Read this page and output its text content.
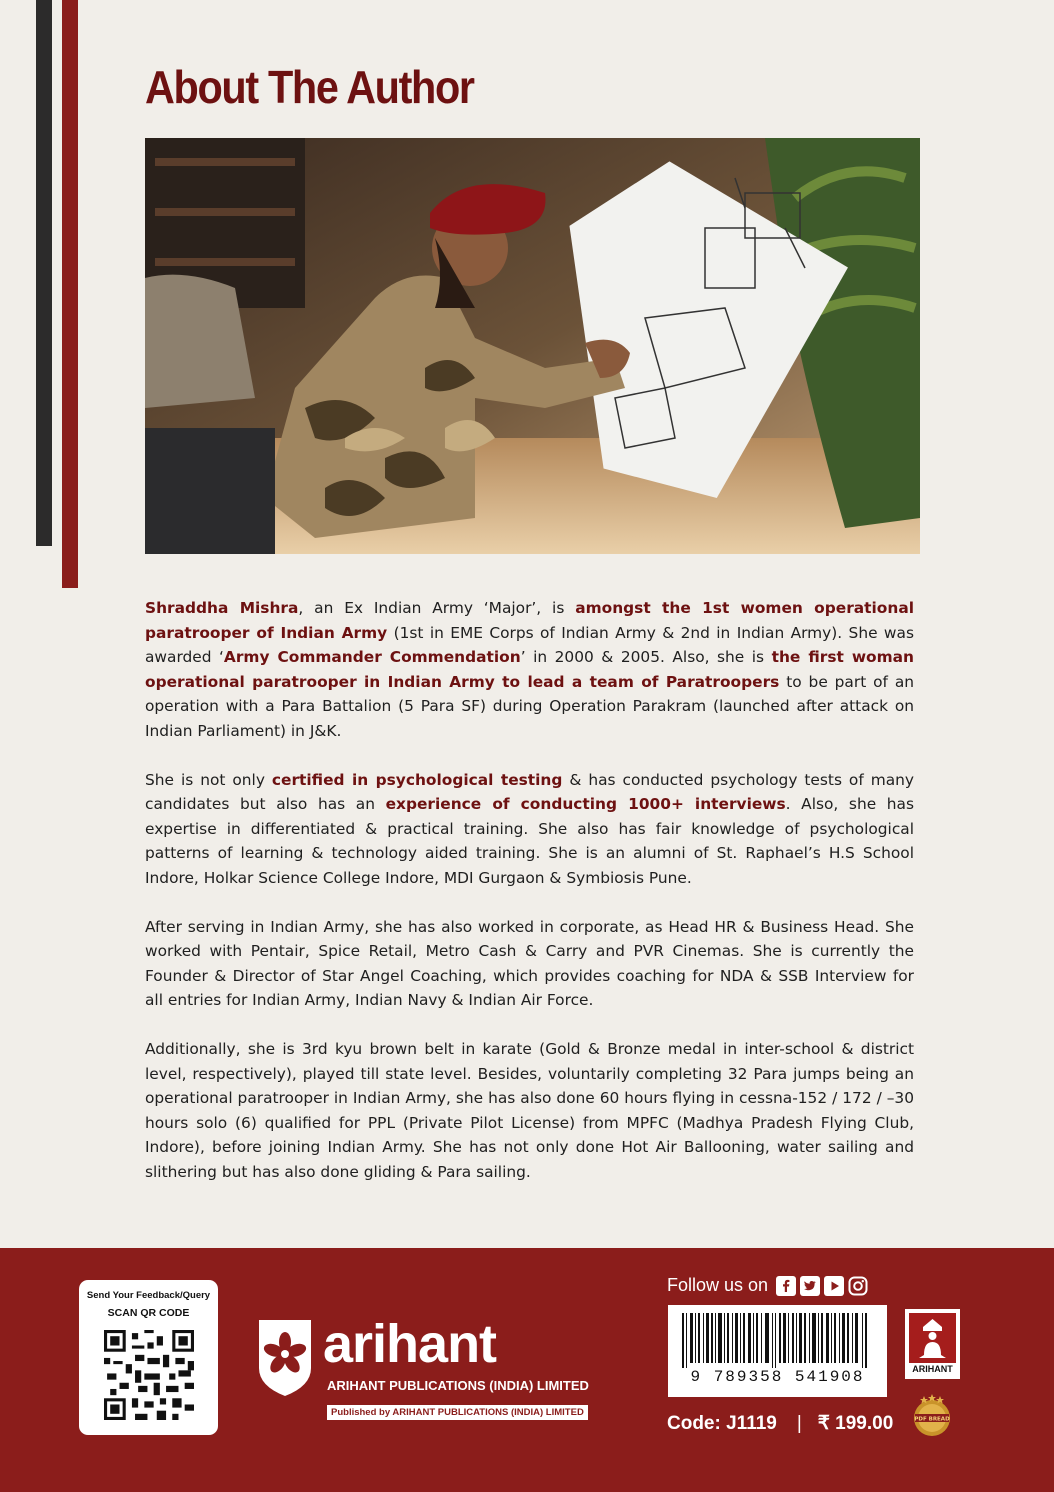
About The Author

Shraddha Mishra, an Ex Indian Army ‘Major’, is amongst the 1st women operational paratrooper of Indian Army (1st in EME Corps of Indian Army & 2nd in Indian Army). She was awarded ‘Army Commander Commendation’ in 2000 & 2005. Also, she is the first woman operational paratrooper in Indian Army to lead a team of Paratroopers to be part of an operation with a Para Battalion (5 Para SF) during Operation Parakram (launched after attack on Indian Parliament) in J&K.

She is not only certified in psychological testing & has conducted psychology tests of many candidates but also has an experience of conducting 1000+ interviews. Also, she has expertise in differentiated & practical training. She also has fair knowledge of psychological patterns of learning & technology aided training. She is an alumni of St. Raphael’s H.S School Indore, Holkar Science College Indore, MDI Gurgaon & Symbiosis Pune.

After serving in Indian Army, she has also worked in corporate, as Head HR & Business Head. She worked with Pentair, Spice Retail, Metro Cash & Carry and PVR Cinemas. She is currently the Founder & Director of Star Angel Coaching, which provides coaching for NDA & SSB Interview for all entries for Indian Army, Indian Navy & Indian Air Force.

Additionally, she is 3rd kyu brown belt in karate (Gold & Bronze medal in inter-school & district level, respectively), played till state level. Besides, voluntarily completing 32 Para jumps being an operational paratrooper in Indian Army, she has also done 60 hours flying in cessna-152 / 172 / –30 hours solo (6) qualified for PPL (Private Pilot License) from MPFC (Madhya Pradesh Flying Club, Indore), before joining Indian Army. She has not only done Hot Air Ballooning, water sailing and slithering but has also done gliding & Para sailing.

Send Your Feedback/Query
SCAN QR CODE
arihant
ARIHANT PUBLICATIONS (INDIA) LIMITED
Published by ARIHANT PUBLICATIONS (INDIA) LIMITED
Follow us on
9 789358 541908
Code: J1119 | ₹ 199.00
ARIHANT
PDF BREAD
